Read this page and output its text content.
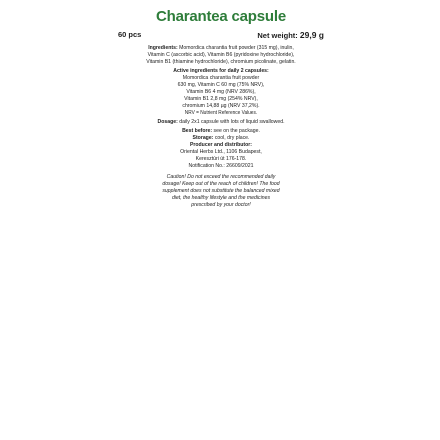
Charantea capsule
60 pcs	Net weight: 29,9 g
Ingredients: Momordica charantia fruit powder (315 mg), inulin, Vitamin C (ascorbic acid), Vitamin B6 (pyridoxine hydrochloride), Vitamin B1 (thiamine hydrochloride), chromium picolinate, gelatin.
Active ingredients for daily 2 capsules:
Momordica charantia fruit powder
630 mg, Vitamin C 60 mg (75% NRV),
Vitamin B6 4 mg (NRV 286%),
Vitamin B1 2,8 mg (254% NRV),
chromium 14,88 µg (NRV 37,2%).
NRV = Nutrient Reference Values.
Dosage: daily 2x1 capsule with lots of liquid swallowed.
Best before: see on the package.
Storage: cool, dry place.
Producer and distributor:
Oriental Herbs Ltd., 1106 Budapest,
Keresztúri út 176-178.
Notification No.: 26609/2021
Caution! Do not exceed the recommended daily dosage! Keep out of the reach of children! The food supplement does not substitute the balanced mixed diet, the healthy lifestyle and the medicines prescribed by your doctor!
